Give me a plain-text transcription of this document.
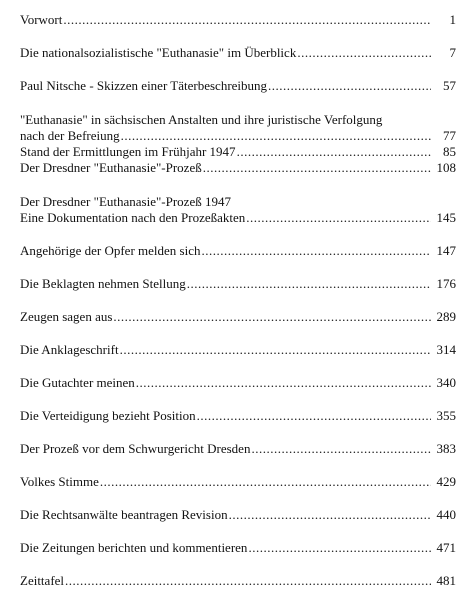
Vorwort .....	1
Die nationalsozialistische "Euthanasie" im Überblick .....	7
Paul Nitsche - Skizzen einer Täterbeschreibung .....	57
"Euthanasie" in sächsischen Anstalten und ihre juristische Verfolgung
nach der Befreiung .....	77
Stand der Ermittlungen im Frühjahr 1947 .....	85
Der Dresdner "Euthanasie"-Prozeß .....	108
Der Dresdner "Euthanasie"-Prozeß 1947
Eine Dokumentation nach den Prozeßakten .....	145
Angehörige der Opfer melden sich .....	147
Die Beklagten nehmen Stellung .....	176
Zeugen sagen aus .....	289
Die Anklageschrift .....	314
Die Gutachter meinen .....	340
Die Verteidigung bezieht Position .....	355
Der Prozeß vor dem Schwurgericht Dresden .....	383
Volkes Stimme .....	429
Die Rechtsanwälte beantragen Revision .....	440
Die Zeitungen berichten und kommentieren .....	471
Zeittafel .....	481
